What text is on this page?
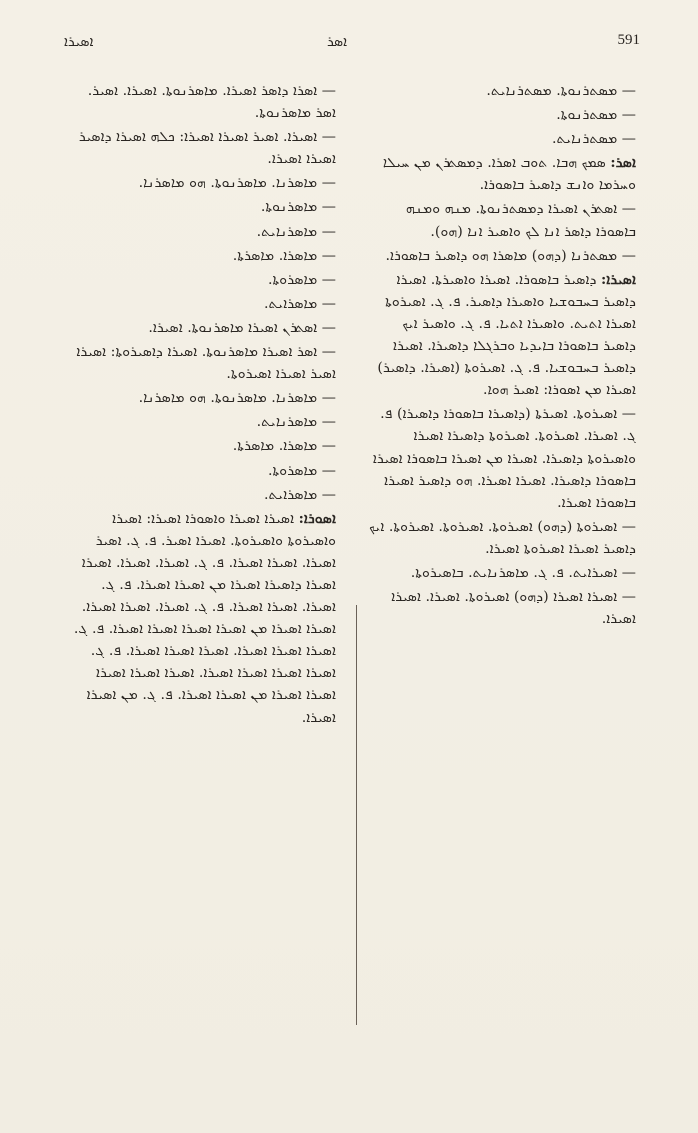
ܐܣܝܪܐ	ܐܣܪ	591

— ܡܣܬܪܢܘܬܐ. ܡܣܬܪܢܐܝܬ.

— ܡܣܬܪܢܘܬܐ.

— ܡܣܬܪܢܐܝܬ.

ܐܣܪ: ܣܡܟ ܗܒܐ. ܬܘܒ ܐܣܪܐ. ܕܡܣܬܪܢ ܡܢ ܚܝܠܐ ܘܚܪܡܐ ܘܐܢܫ ܕܐܣܝܪ ܒܐܣܘܪܐ.

— ܐܣܬܪܢ ܐܣܝܪܐ ܕܡܣܬܪܢܘܬܐ. ܡܢܗ ܘܡܢܗ ܒܐܣܘܪܐ ܕܐܣܪ ܐܢܐ ܠܟ ܘܐܣܝܪ ܐܢܐ (ܗܘ).

— ܡܣܬܪܢܐ (ܕܗܘ) ܡܐܣܪܐ ܗܘ ܕܐܣܝܪ ܒܐܣܘܪܐ.

ܐܣܝܪܐ: ܕܐܣܝܪ ܒܐܣܘܪܐ. ܐܣܝܪܐ ܘܐܣܝܪܬܐ. ܐܣܝܪܐ ܕܐܣܝܪ ܒܚܒܘܫܝܐ ܘܐܣܝܪܐ ܕܐܣܝܪ. ܦ. ܓ. ܐܣܝܪܘܬܐ ܐܣܝܪܐ ܐܬܝܬ. ܘܐܣܝܪܐ ܐܬܝܐ. ܦ. ܓ. ܘܐܣܝܪ ܐܝܟ ܕܐܣܝܪ ܒܐܣܘܪܐ ܒܐܝܕܝܐ ܘܒܪܓܠܐ ܕܐܣܝܪܐ. ܐܣܝܪܐ ܕܐܣܝܪ ܒܚܒܘܫܝܐ. ܦ. ܓ. ܐܣܝܪܘܬܐ (ܐܣܝܪܐ. ܕܐܣܝܪ) ܐܣܝܪܐ ܡܢ ܐܣܘܪܐ: ܐܣܝܪ ܗܘܐ.

— ܐܣܝܪܘܬܐ. ܐܣܝܪܬܐ (ܕܐܣܝܪܐ ܒܐܣܘܪܐ ܕܐܣܝܪܐ) ܦ. ܓ. ܐܣܝܪܐ. ܐܣܝܪܘܬܐ. ܐܣܝܪܘܬܐ ܕܐܣܝܪܐ ܐܣܝܪܐ ܘܐܣܝܪܘܬܐ ܕܐܣܝܪܐ. ܐܣܝܪܐ ܡܢ ܐܣܝܪܐ ܒܐܣܘܪܐ ܐܣܝܪܐ ܒܐܣܘܪܐ ܕܐܣܝܪܐ. ܐܣܝܪܐ ܐܣܝܪܐ. ܗܘ ܕܐܣܝܪ ܐܣܝܪܐ ܒܐܣܘܪܐ ܐܣܝܪܐ.

— ܐܣܝܪܘܬܐ (ܕܗܘ) ܐܣܝܪܘܬܐ. ܐܣܝܪܘܬܐ. ܐܣܝܪܘܬܐ. ܐܝܟ ܕܐܣܝܪ ܐܣܝܪܐ ܐܣܝܪܘܬܐ ܐܣܝܪܐ.

— ܐܣܝܪܐܝܬ. ܦ. ܓ. ܡܐܣܪܢܐܝܬ. ܒܐܣܝܪܘܬܐ.

— ܐܣܝܪܐ ܐܣܝܪܐ (ܕܗܘ) ܐܣܝܪܘܬܐ. ܐܣܝܪܐ. ܐܣܝܪܐ ܐܣܝܪܐ.

— ܐܣܪܐ ܕܐܣܪ ܐܣܝܪܐ. ܡܐܣܪܢܘܬܐ. ܐܣܝܪܐ. ܐܣܝܪ. ܐܣܪ ܡܐܣܪܢܘܬܐ.

— ܐܣܝܪܐ. ܐܣܝܪ ܐܣܝܪܐ ܐܣܝܪܐ: ܟܠܗ ܐܣܝܪܐ ܕܐܣܝܪ ܐܣܝܪܐ ܐܣܝܪܐ.

— ܡܐܣܪܢܐ. ܡܐܣܪܢܘܬܐ. ܗܘ ܡܐܣܪܢܐ.

— ܡܐܣܪܢܘܬܐ.

— ܡܐܣܪܢܐܝܬ.

— ܡܐܣܪܐ. ܡܐܣܪܬܐ.

— ܡܐܣܪܘܬܐ.

— ܡܐܣܪܐܝܬ.

— ܐܣܬܪܢ ܐܣܝܪܐ ܡܐܣܪܢܘܬܐ. ܐܣܝܪܐ.

— ܐܣܪ ܐܣܝܪܐ ܡܐܣܪܢܘܬܐ. ܐܣܝܪܐ ܕܐܣܝܪܘܬܐ: ܐܣܝܪܐ ܐܣܝܪ ܐܣܝܪܐ ܐܣܝܪܘܬܐ.

— ܡܐܣܪܢܐ. ܡܐܣܪܢܘܬܐ. ܗܘ ܡܐܣܪܢܐ.

— ܡܐܣܪܢܐܝܬ.

— ܡܐܣܪܐ. ܡܐܣܪܬܐ.

— ܡܐܣܪܘܬܐ.

— ܡܐܣܪܐܝܬ.

ܐܣܘܪܐ: ܐܣܝܪܐ ܐܣܝܪܐ ܘܐܣܘܪܐ ܐܣܝܪܐ: ܐܣܝܪܐ ܘܐܣܝܪܘܬܐ ܘܐܣܝܪܘܬܐ. ܐܣܝܪܐ ܐܣܝܪ. ܦ. ܓ. ܐܣܝܪ ܐܣܝܪܐ. ܐܣܝܪܐ ܐܣܝܪܐ. ܦ. ܓ. ܐܣܝܪܐ. ܐܣܝܪܐ. ܐܣܝܪܐ ܐܣܝܪܐ ܕܐܣܝܪܐ ܐܣܝܪܐ ܡܢ ܐܣܝܪܐ ܐܣܝܪܐ. ܦ. ܓ. ܐܣܝܪܐ. ܐܣܝܪܐ ܐܣܝܪܐ. ܦ. ܓ. ܐܣܝܪܐ. ܐܣܝܪܐ ܐܣܝܪܐ. ܐܣܝܪܐ ܐܣܝܪܐ ܡܢ ܐܣܝܪܐ ܐܣܝܪܐ ܐܣܝܪܐ ܐܣܝܪܐ. ܦ. ܓ. ܐܣܝܪܐ ܐܣܝܪܐ ܐܣܝܪܐ. ܐܣܝܪܐ ܐܣܝܪܐ ܐܣܝܪܐ. ܦ. ܓ. ܐܣܝܪܐ ܐܣܝܪܐ ܐܣܝܪܐ ܐܣܝܪܐ. ܐܣܝܪܐ ܐܣܝܪܐ ܐܣܝܪܐ ܐܣܝܪܐ ܐܣܝܪܐ ܡܢ ܐܣܝܪܐ ܐܣܝܪܐ. ܦ. ܓ. ܡܢ ܐܣܝܪܐ ܐܣܝܪܐ.
